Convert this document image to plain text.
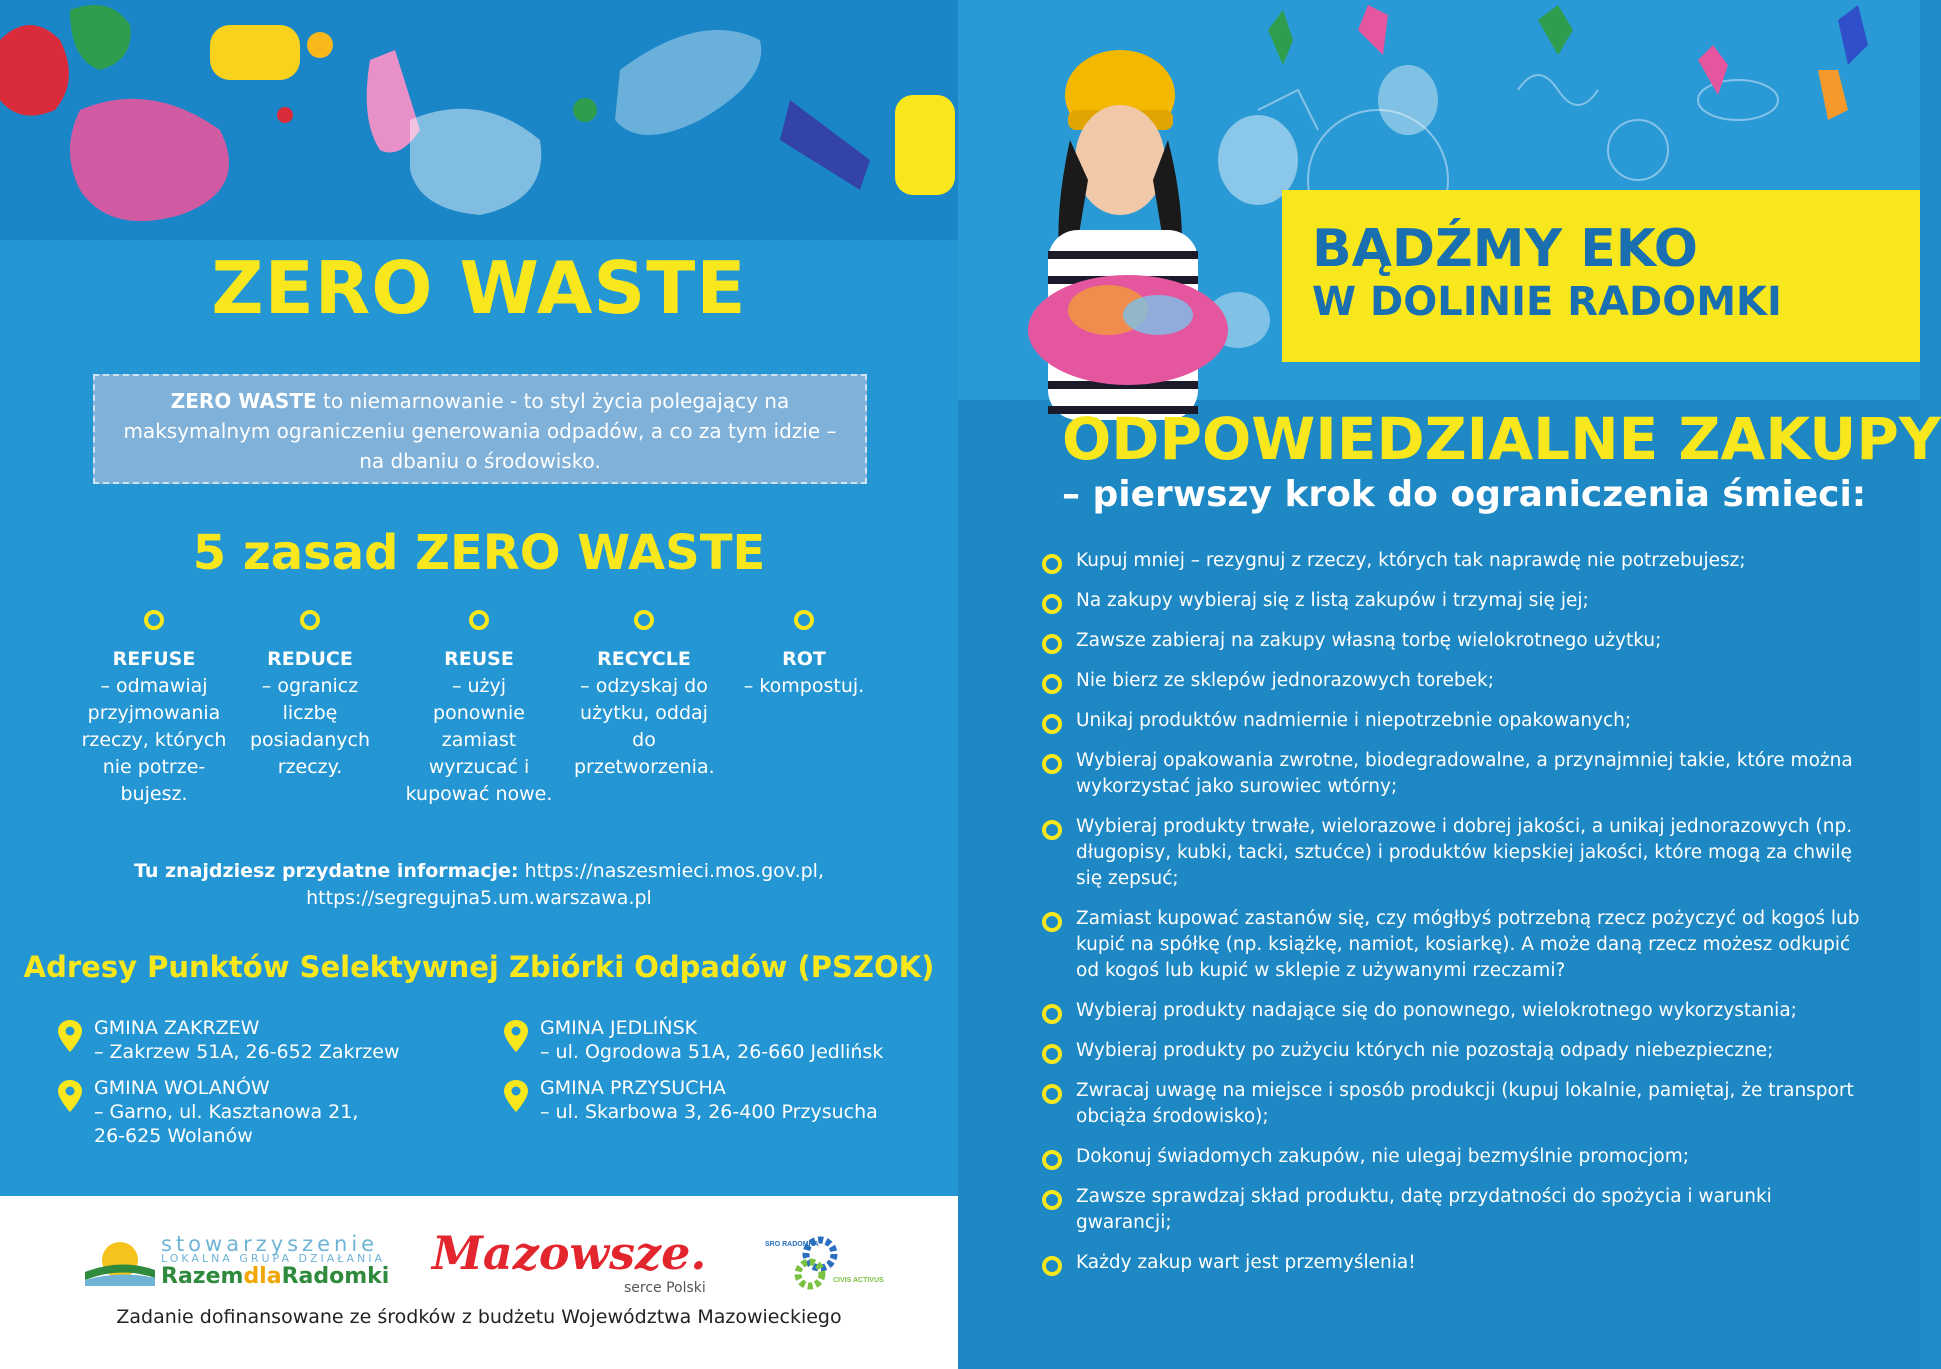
ZERO WASTE
ZERO WASTE to niemarnowanie - to styl życia polegający na maksymalnym ograniczeniu generowania odpadów, a co za tym idzie – na dbaniu o środowisko.
5 zasad ZERO WASTE
REFUSE
– odmawiaj przyjmowania rzeczy, których nie potrze-bujesz.
REDUCE
– ogranicz liczbę posiadanych rzeczy.
REUSE
– użyj ponownie zamiast wyrzucać i kupować nowe.
RECYCLE
– odzyskaj do użytku, oddaj do przetworzenia.
ROT
– kompostuj.
Tu znajdziesz przydatne informacje: https://naszesmieci.mos.gov.pl,
https://segregujna5.um.warszawa.pl
Adresy Punktów Selektywnej Zbiórki Odpadów (PSZOK)
GMINA ZAKRZEW
– Zakrzew 51A, 26-652 Zakrzew
GMINA JEDLIŃSK
– ul. Ogrodowa 51A, 26-660 Jedlińsk
GMINA WOLANÓW
– Garno, ul. Kasztanowa 21,
26-625 Wolanów
GMINA PRZYSUCHA
– ul. Skarbowa 3, 26-400 Przysucha
stowarzyszenie
LOKALNA GRUPA DZIAŁANIA
RazemdlaRadomki Mazowsze.
serce Polski
SRO RADOMKA
CIVIS ACTIVUS
Zadanie dofinansowane ze środków z budżetu Województwa Mazowieckiego
BĄDŹMY EKO
W DOLINIE RADOMKI
ODPOWIEDZIALNE ZAKUPY
– pierwszy krok do ograniczenia śmieci:
Kupuj mniej – rezygnuj z rzeczy, których tak naprawdę nie potrzebujesz;
Na zakupy wybieraj się z listą zakupów i trzymaj się jej;
Zawsze zabieraj na zakupy własną torbę wielokrotnego użytku;
Nie bierz ze sklepów jednorazowych torebek;
Unikaj produktów nadmiernie i niepotrzebnie opakowanych;
Wybieraj opakowania zwrotne, biodegradowalne, a przynajmniej takie, które można wykorzystać jako surowiec wtórny;
Wybieraj produkty trwałe, wielorazowe i dobrej jakości, a unikaj jednorazowych (np. długopisy, kubki, tacki, sztućce) i produktów kiepskiej jakości, które mogą za chwilę się zepsuć;
Zamiast kupować zastanów się, czy mógłbyś potrzebną rzecz pożyczyć od kogoś lub kupić na spółkę (np. książkę, namiot, kosiarkę). A może daną rzecz możesz odkupić od kogoś lub kupić w sklepie z używanymi rzeczami?
Wybieraj produkty nadające się do ponownego, wielokrotnego wykorzystania;
Wybieraj produkty po zużyciu których nie pozostają odpady niebezpieczne;
Zwracaj uwagę na miejsce i sposób produkcji (kupuj lokalnie, pamiętaj, że transport obciąża środowisko);
Dokonuj świadomych zakupów, nie ulegaj bezmyślnie promocjom;
Zawsze sprawdzaj skład produktu, datę przydatności do spożycia i warunki gwarancji;
Każdy zakup wart jest przemyślenia!
